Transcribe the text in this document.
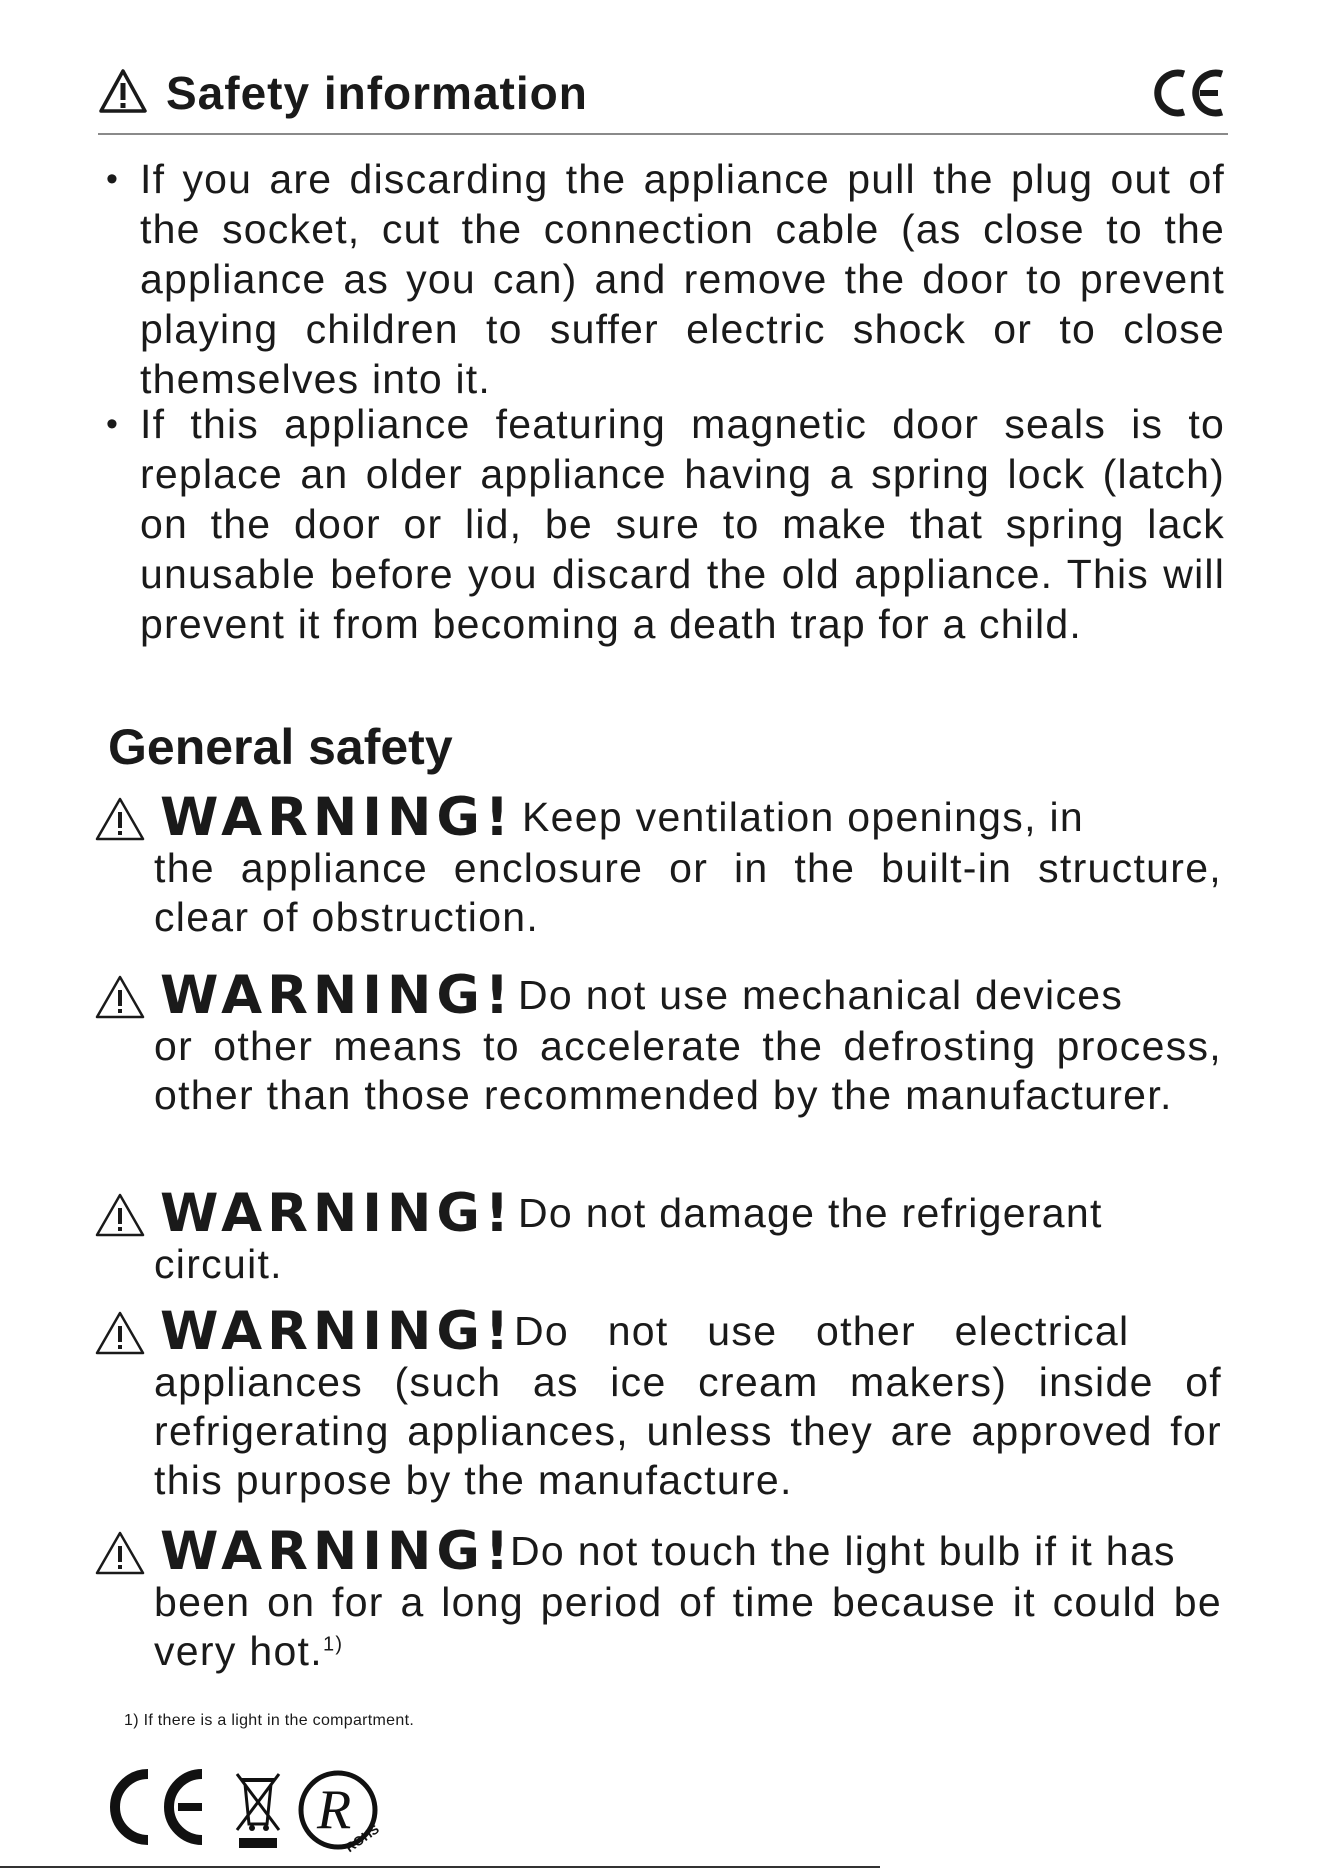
Safety information
• If you are discarding the appliance pull the plug out of the socket, cut the connection cable (as close to the appliance as you can) and remove the door to prevent playing children to suffer electric shock or to close themselves into it.
• If this appliance featuring magnetic door seals is to replace an older appliance having a spring lock (latch) on the door or lid, be sure to make that spring lack unusable before you discard the old appliance. This will prevent it from becoming a death trap for a child.
General safety
WARNING! Keep ventilation openings, in
the appliance enclosure or in the built-in structure, clear of obstruction.
WARNING! Do not use mechanical devices
or other means to accelerate the defrosting process, other than those recommended by the manufacturer.
WARNING! Do not damage the refrigerant
circuit.
WARNING! Do not use other electrical
appliances (such as ice cream makers) inside of refrigerating appliances, unless they are approved for this purpose by the manufacture.
WARNING!
Do not touch the light bulb if it has
been on for a long period of time because it could be very hot.$^{1)}$
1) If there is a light in the compartment.
R
ROHS
